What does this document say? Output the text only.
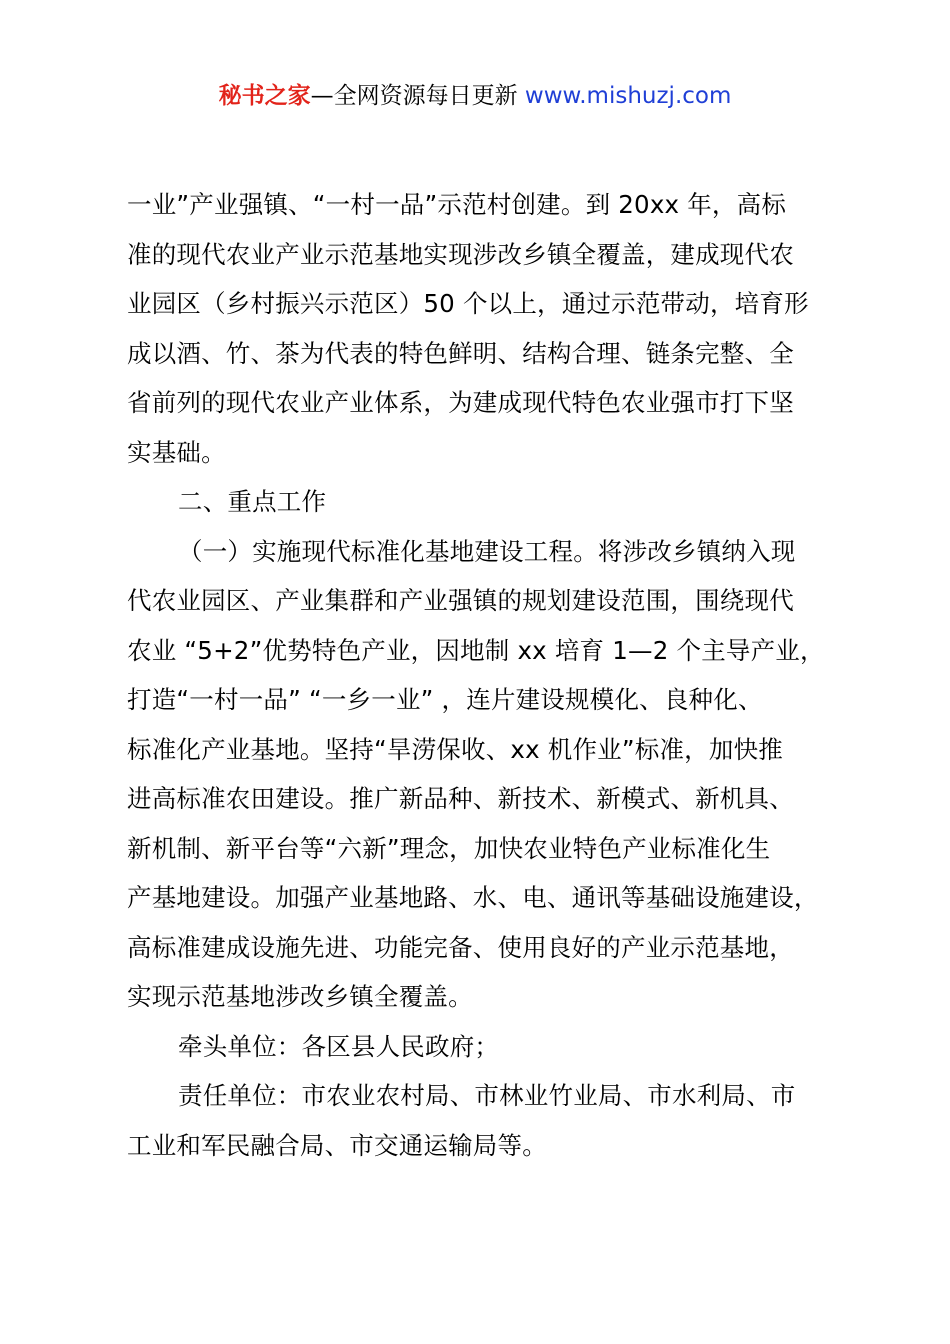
秘书之家—全网资源每日更新 www.mishuzj.com
一业”产业强镇、“一村一品”示范村创建。到 20xx 年，高标
准的现代农业产业示范基地实现涉改乡镇全覆盖，建成现代农
业园区（乡村振兴示范区）50 个以上，通过示范带动，培育形
成以酒、竹、茶为代表的特色鲜明、结构合理、链条完整、全
省前列的现代农业产业体系，为建成现代特色农业强市打下坚
实基础。
二、重点工作
（一）实施现代标准化基地建设工程。将涉改乡镇纳入现
代农业园区、产业集群和产业强镇的规划建设范围，围绕现代
农业 “5+2”优势特色产业，因地制 xx 培育 1—2 个主导产业，
打造“一村一品” “一乡一业” ，连片建设规模化、良种化、
标准化产业基地。坚持“旱涝保收、xx 机作业”标准，加快推
进高标准农田建设。推广新品种、新技术、新模式、新机具、
新机制、新平台等“六新”理念，加快农业特色产业标准化生
产基地建设。加强产业基地路、水、电、通讯等基础设施建设，
高标准建成设施先进、功能完备、使用良好的产业示范基地，
实现示范基地涉改乡镇全覆盖。
牵头单位：各区县人民政府；
责任单位：市农业农村局、市林业竹业局、市水利局、市
工业和军民融合局、市交通运输局等。
